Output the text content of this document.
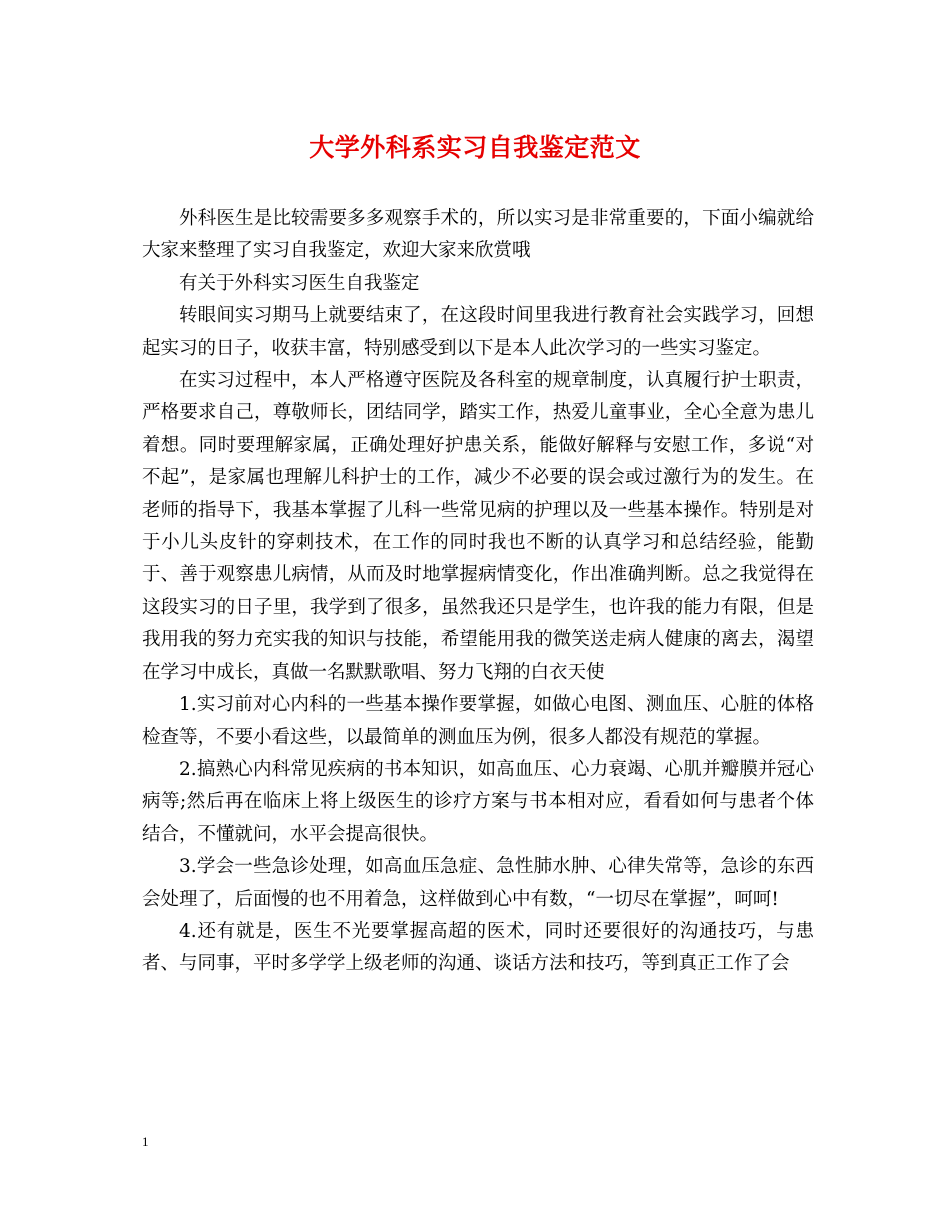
大学外科系实习自我鉴定范文

外科医生是比较需要多多观察手术的，所以实习是非常重要的，下面小编就给大家来整理了实习自我鉴定，欢迎大家来欣赏哦

有关于外科实习医生自我鉴定

转眼间实习期马上就要结束了，在这段时间里我进行教育社会实践学习，回想起实习的日子，收获丰富，特别感受到以下是本人此次学习的一些实习鉴定。

在实习过程中，本人严格遵守医院及各科室的规章制度，认真履行护士职责，严格要求自己，尊敬师长，团结同学，踏实工作，热爱儿童事业，全心全意为患儿着想。同时要理解家属，正确处理好护患关系，能做好解释与安慰工作，多说“对不起”，是家属也理解儿科护士的工作，减少不必要的误会或过激行为的发生。在老师的指导下，我基本掌握了儿科一些常见病的护理以及一些基本操作。特别是对于小儿头皮针的穿刺技术，在工作的同时我也不断的认真学习和总结经验，能勤于、善于观察患儿病情，从而及时地掌握病情变化，作出准确判断。总之我觉得在这段实习的日子里，我学到了很多，虽然我还只是学生，也许我的能力有限，但是我用我的努力充实我的知识与技能，希望能用我的微笑送走病人健康的离去，渴望在学习中成长，真做一名默默歌唱、努力飞翔的白衣天使

1.实习前对心内科的一些基本操作要掌握，如做心电图、测血压、心脏的体格检查等，不要小看这些，以最简单的测血压为例，很多人都没有规范的掌握。

2.搞熟心内科常见疾病的书本知识，如高血压、心力衰竭、心肌并瓣膜并冠心病等;然后再在临床上将上级医生的诊疗方案与书本相对应，看看如何与患者个体结合，不懂就问，水平会提高很快。

3.学会一些急诊处理，如高血压急症、急性肺水肿、心律失常等，急诊的东西会处理了，后面慢的也不用着急，这样做到心中有数，“一切尽在掌握”，呵呵!

4.还有就是，医生不光要掌握高超的医术，同时还要很好的沟通技巧，与患者、与同事，平时多学学上级老师的沟通、谈话方法和技巧，等到真正工作了会

1
